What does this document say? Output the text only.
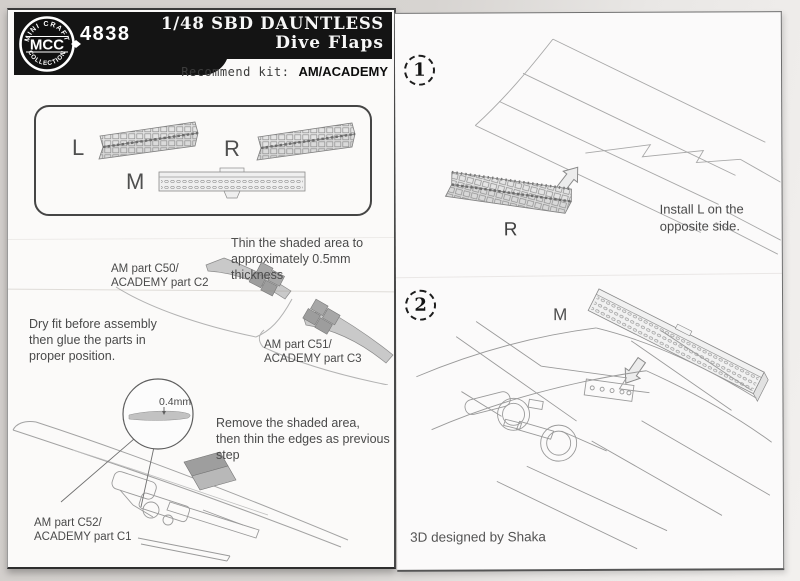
MINI CRAFT
COLLECTION
MCC 4838	1/48 SBD DAUNTLESS
Dive Flaps
Recommend kit: AM/ACADEMY
L	R
M
Thin the shaded area to
approximately 0.5mm thickness
AM part C50/
ACADEMY part C2
Dry fit before assembly
then glue the parts in
proper position.
AM part C51/
ACADEMY part C3
0.4mm
Remove the shaded area,
then thin the edges as previous step
AM part C52/
ACADEMY part C1
1
R
Install L on the
opposite side.
2	M
3D designed by Shaka
